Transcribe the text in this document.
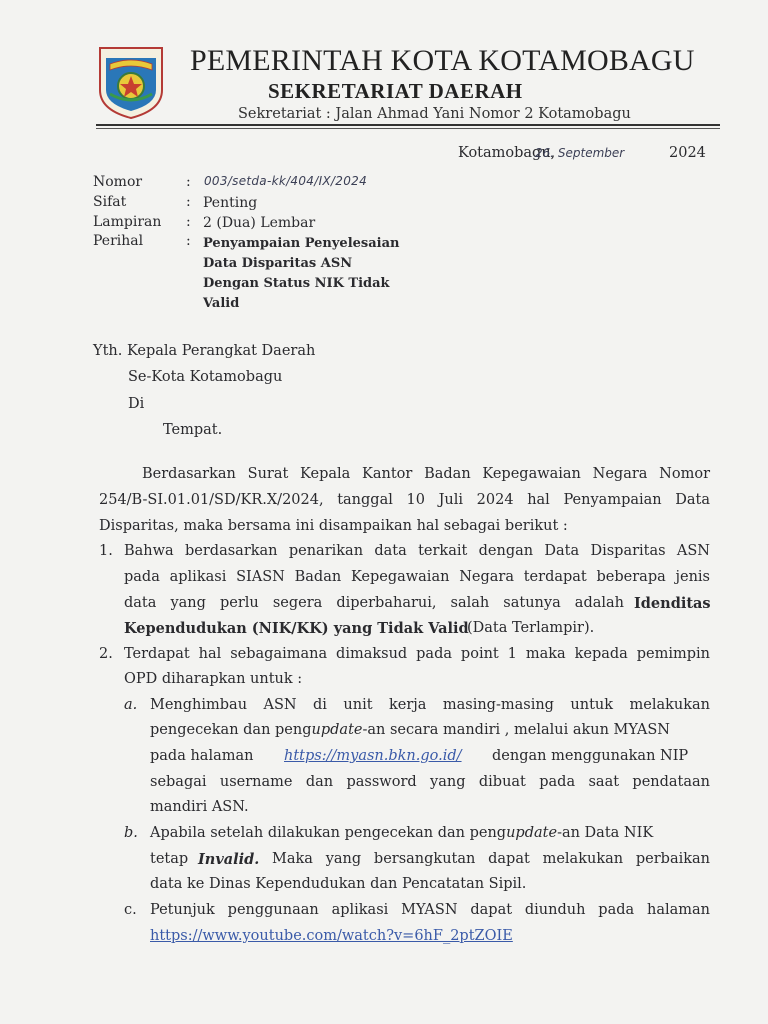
PEMERINTAH KOTA KOTAMOBAGU
SEKRETARIAT DAERAH
Sekretariat : Jalan Ahmad Yani Nomor 2 Kotamobagu
Kotamobagu,
26. September	2024
Nomor	: 003/setda-kk/404/IX/2024
Sifat	: Penting
Lampiran : 2 (Dua) Lembar
Perihal	: Penyampaian Penyelesaian
Data Disparitas ASN
Dengan Status NIK Tidak
Valid
Yth. Kepala Perangkat Daerah
Se-Kota Kotamobagu
Di
Tempat.
Berdasarkan Surat Kepala Kantor Badan Kepegawaian Negara Nomor
254/B-SI.01.01/SD/KR.X/2024, tanggal 10 Juli 2024 hal Penyampaian Data
Disparitas, maka bersama ini disampaikan hal sebagai berikut :
1. Bahwa berdasarkan penarikan data terkait dengan Data Disparitas ASN
pada aplikasi SIASN Badan Kepegawaian Negara terdapat beberapa jenis
data yang perlu segera diperbaharui, salah satunya adalah Idenditas
Kependudukan (NIK/KK) yang Tidak Valid
(Data Terlampir).
2. Terdapat hal sebagaimana dimaksud pada point 1 maka kepada pemimpin
OPD diharapkan untuk :
a. Menghimbau ASN di unit kerja masing-masing untuk melakukan
pengecekan dan pengupdate-an secara mandiri , melalui akun MYASN
pada halaman https://myasn.bkn.go.id/ dengan menggunakan NIP
sebagai username dan password yang dibuat pada saat pendataan
mandiri ASN.
b. Apabila setelah dilakukan pengecekan dan pengupdate-an Data NIK
tetap Invalid. Maka yang bersangkutan dapat melakukan perbaikan
data ke Dinas Kependudukan dan Pencatatan Sipil.
c. Petunjuk penggunaan aplikasi MYASN dapat diunduh pada halaman
https://www.youtube.com/watch?v=6hF_2ptZOIE
